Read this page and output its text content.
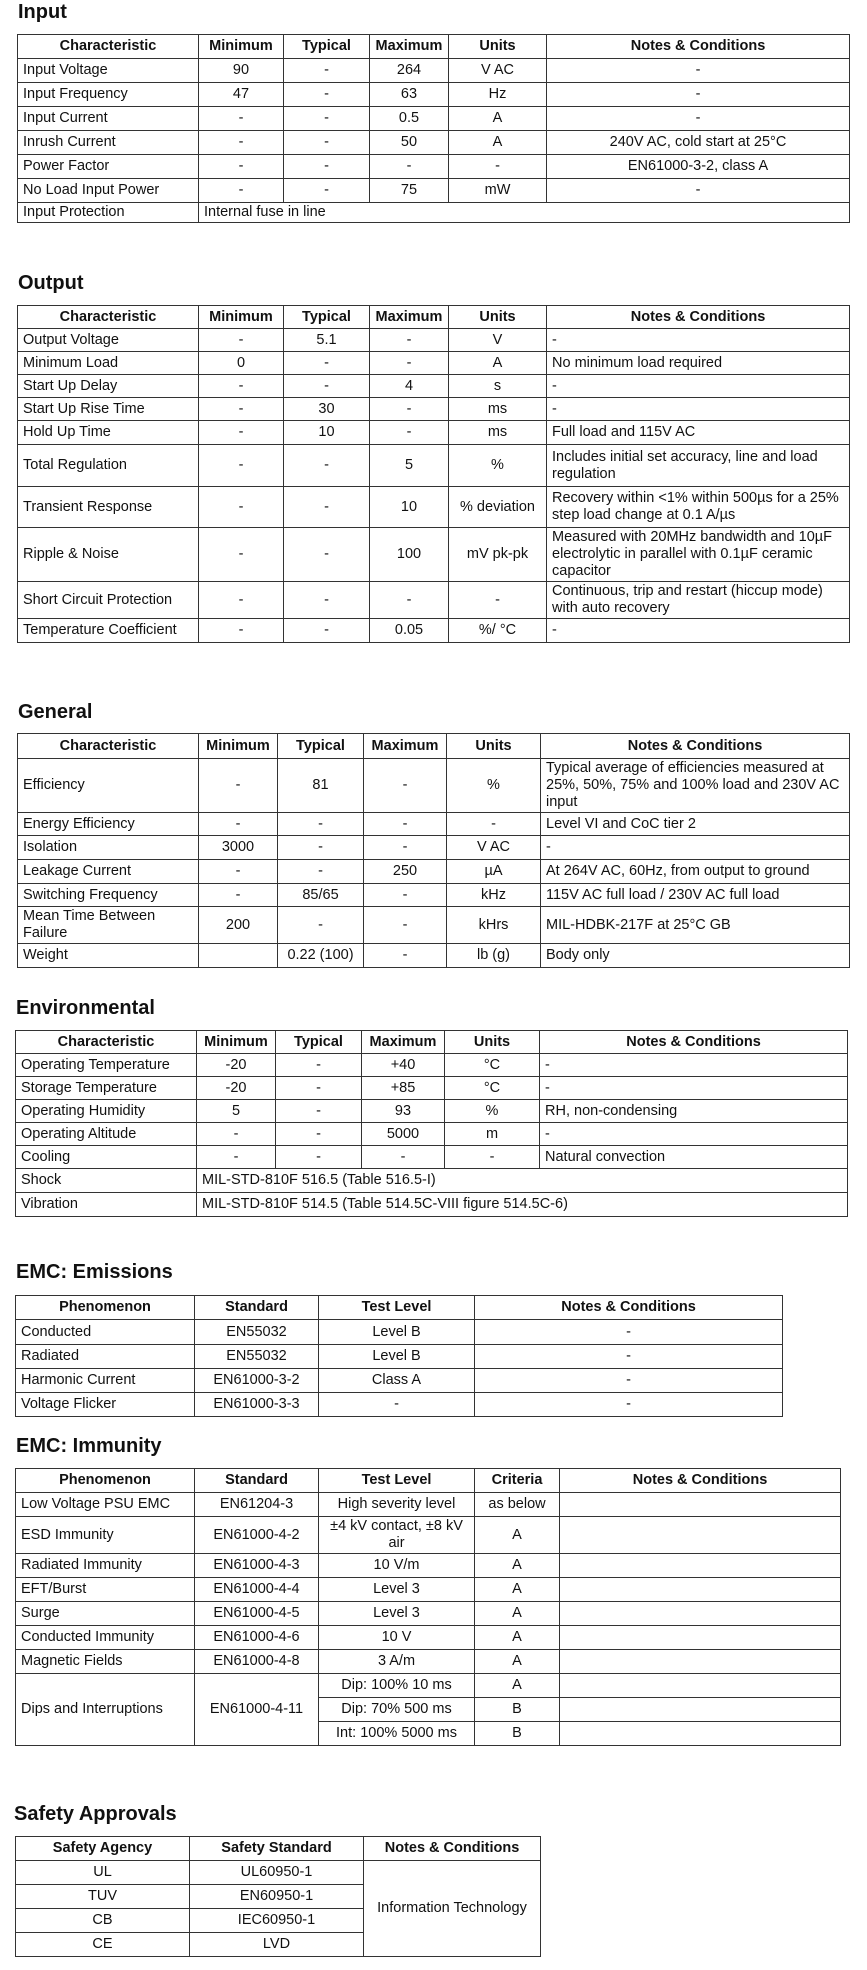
Input
Characteristic	Minimum	Typical	Maximum	Units	Notes & Conditions
Input Voltage	90	-	264	V AC	-
Input Frequency	47	-	63	Hz	-
Input Current	-	-	0.5	A	-
Inrush Current	-	-	50	A	240V AC, cold start at 25°C
Power Factor	-	-	-	-	EN61000-3-2, class A
No Load Input Power	-	-	75	mW	-
Input Protection	Internal fuse in line				
Output
Characteristic	Minimum	Typical	Maximum	Units	Notes & Conditions
Output Voltage	-	5.1	-	V	-
Minimum Load	0	-	-	A	No minimum load required
Start Up Delay	-	-	4	s	-
Start Up Rise Time	-	30	-	ms	-
Hold Up Time	-	10	-	ms	Full load and 115V AC
Total Regulation	-	-	5	%	Includes initial set accuracy, line and load regulation
Transient Response	-	-	10	% deviation	Recovery within <1% within 500µs for a 25% step load change at 0.1 A/µs
Ripple & Noise	-	-	100	mV pk-pk	Measured with 20MHz bandwidth and 10µF electrolytic in parallel with 0.1µF ceramic capacitor
Short Circuit Protection	-	-	-	-	Continuous, trip and restart (hiccup mode) with auto recovery
Temperature Coefficient	-	-	0.05	%/ °C	-
General
Characteristic	Minimum	Typical	Maximum	Units	Notes & Conditions
Efficiency	-	81	-	%	Typical average of efficiencies measured at 25%, 50%, 75% and 100% load and 230V AC input
Energy Efficiency	-	-	-	-	Level VI and CoC tier 2
Isolation	3000	-	-	V AC	-
Leakage Current	-	-	250	µA	At 264V AC, 60Hz, from output to ground
Switching Frequency	-	85/65	-	kHz	115V AC full load / 230V AC full load
Mean Time Between Failure	200	-	-	kHrs	MIL-HDBK-217F at 25°C GB
Weight		0.22 (100)	-	lb (g)	Body only
Environmental
Characteristic	Minimum	Typical	Maximum	Units	Notes & Conditions
Operating Temperature	-20	-	+40	°C	-
Storage Temperature	-20	-	+85	°C	-
Operating Humidity	5	-	93	%	RH, non-condensing
Operating Altitude	-	-	5000	m	-
Cooling	-	-	-	-	Natural convection
Shock	MIL-STD-810F 516.5 (Table 516.5-I)				
Vibration	MIL-STD-810F 514.5 (Table 514.5C-VIII figure 514.5C-6)				
EMC: Emissions
Phenomenon	Standard	Test Level	Notes & Conditions
Conducted	EN55032	Level B	-
Radiated	EN55032	Level B	-
Harmonic Current	EN61000-3-2	Class A	-
Voltage Flicker	EN61000-3-3	-	-
EMC: Immunity
Phenomenon	Standard	Test Level	Criteria	Notes & Conditions
Low Voltage PSU EMC	EN61204-3	High severity level	as below	
ESD Immunity	EN61000-4-2	±4 kV contact, ±8 kV air	A	
Radiated Immunity	EN61000-4-3	10 V/m	A	
EFT/Burst	EN61000-4-4	Level 3	A	
Surge	EN61000-4-5	Level 3	A	
Conducted Immunity	EN61000-4-6	10 V	A	
Magnetic Fields	EN61000-4-8	3 A/m	A	
Dips and Interruptions	EN61000-4-11	Dip: 100% 10 ms	A	
		Dip: 70% 500 ms	B	
		Int: 100% 5000 ms	B	
Safety Approvals
Safety Agency	Safety Standard	Notes & Conditions
UL	UL60950-1	Information Technology
TUV	EN60950-1	
CB	IEC60950-1	
CE	LVD	
